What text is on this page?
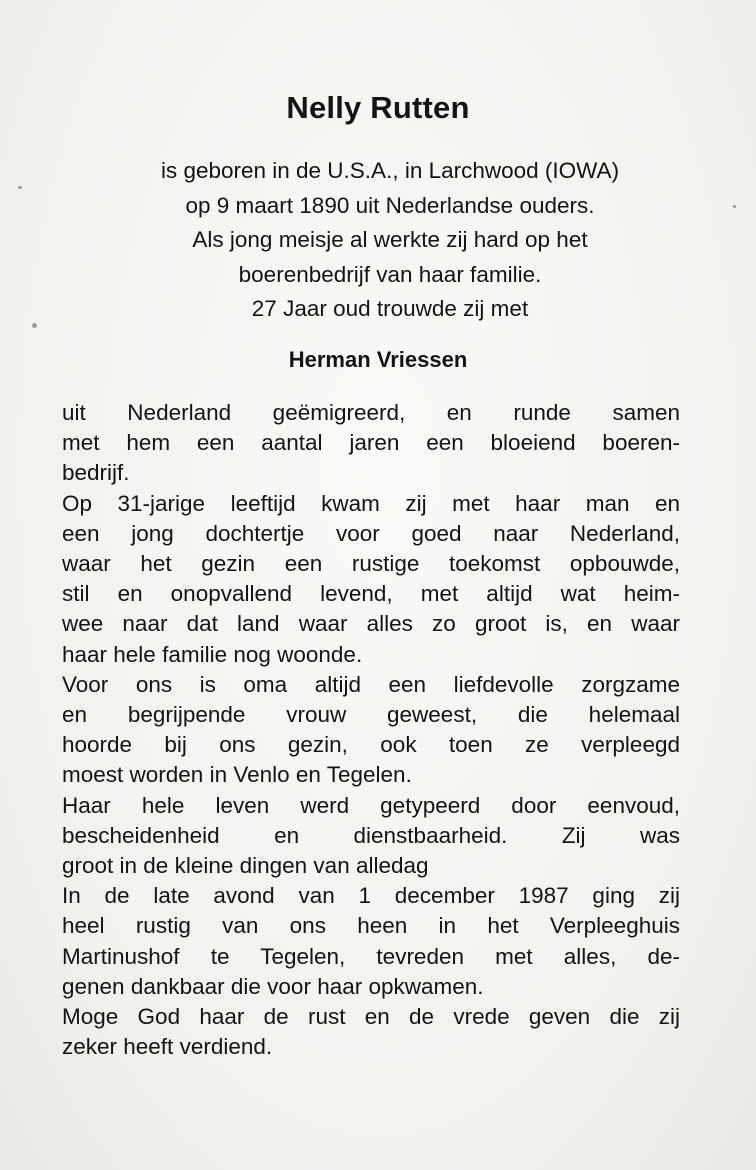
Nelly Rutten
is geboren in de U.S.A., in Larchwood (IOWA)
op 9 maart 1890 uit Nederlandse ouders.
Als jong meisje al werkte zij hard op het
boerenbedrijf van haar familie.
27 Jaar oud trouwde zij met
Herman Vriessen
uit Nederland geëmigreerd, en runde samen
met hem een aantal jaren een bloeiend boeren-
bedrijf.
Op 31-jarige leeftijd kwam zij met haar man en
een jong dochtertje voor goed naar Nederland,
waar het gezin een rustige toekomst opbouwde,
stil en onopvallend levend, met altijd wat heim-
wee naar dat land waar alles zo groot is, en waar
haar hele familie nog woonde.
Voor ons is oma altijd een liefdevolle zorgzame
en begrijpende vrouw geweest, die helemaal
hoorde bij ons gezin, ook toen ze verpleegd
moest worden in Venlo en Tegelen.
Haar hele leven werd getypeerd door eenvoud,
bescheidenheid en dienstbaarheid. Zij was
groot in de kleine dingen van alledag
In de late avond van 1 december 1987 ging zij
heel rustig van ons heen in het Verpleeghuis
Martinushof te Tegelen, tevreden met alles, de-
genen dankbaar die voor haar opkwamen.
Moge God haar de rust en de vrede geven die zij
zeker heeft verdiend.
